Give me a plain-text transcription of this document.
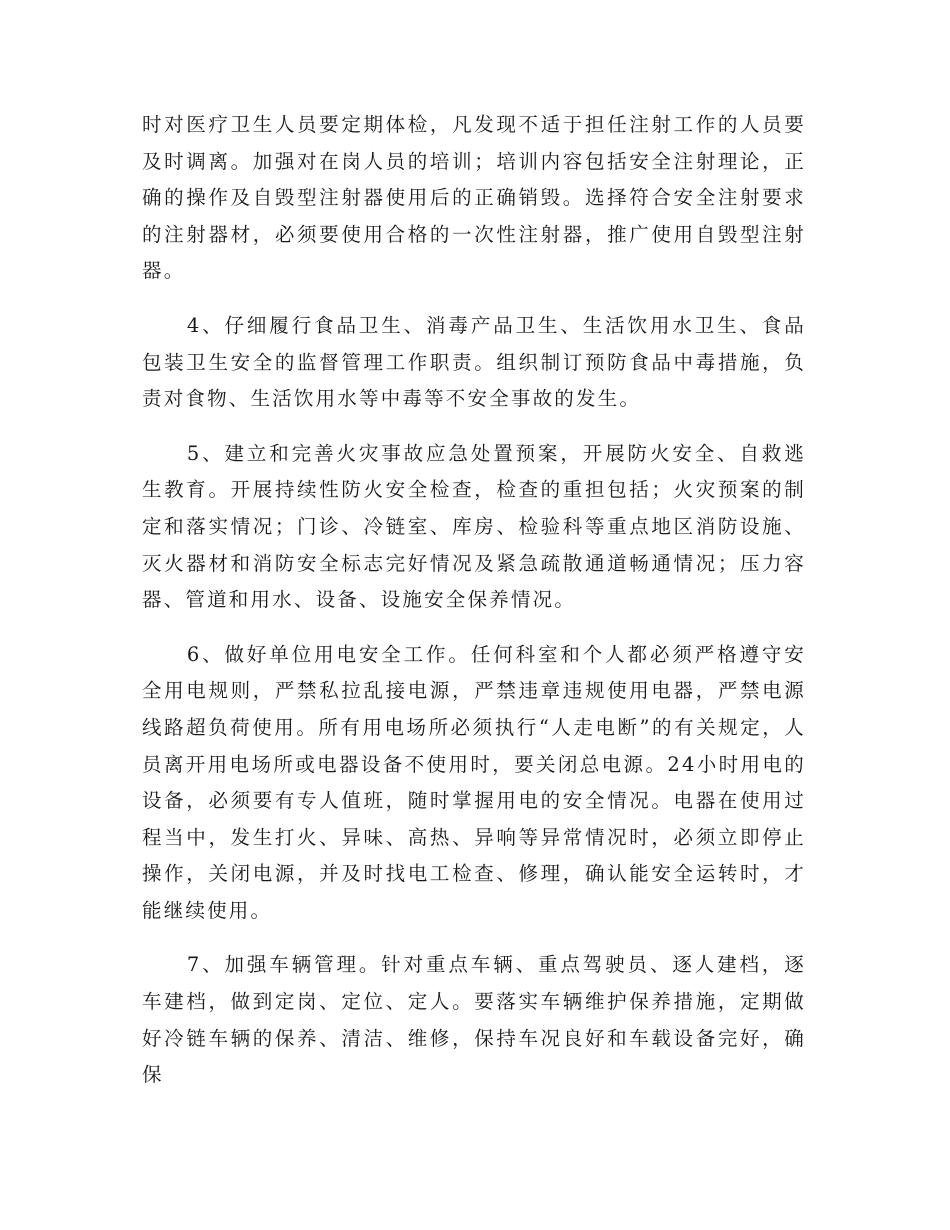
时对医疗卫生人员要定期体检，凡发现不适于担任注射工作的人员要及时调离。加强对在岗人员的培训；培训内容包括安全注射理论，正确的操作及自毁型注射器使用后的正确销毁。选择符合安全注射要求的注射器材，必须要使用合格的一次性注射器，推广使用自毁型注射器。

4、仔细履行食品卫生、消毒产品卫生、生活饮用水卫生、食品包装卫生安全的监督管理工作职责。组织制订预防食品中毒措施，负责对食物、生活饮用水等中毒等不安全事故的发生。

5、建立和完善火灾事故应急处置预案，开展防火安全、自救逃生教育。开展持续性防火安全检查，检查的重担包括；火灾预案的制定和落实情况；门诊、冷链室、库房、检验科等重点地区消防设施、灭火器材和消防安全标志完好情况及紧急疏散通道畅通情况；压力容器、管道和用水、设备、设施安全保养情况。

6、做好单位用电安全工作。任何科室和个人都必须严格遵守安全用电规则，严禁私拉乱接电源，严禁违章违规使用电器，严禁电源线路超负荷使用。所有用电场所必须执行“人走电断”的有关规定，人员离开用电场所或电器设备不使用时，要关闭总电源。24小时用电的设备，必须要有专人值班，随时掌握用电的安全情况。电器在使用过程当中，发生打火、异味、高热、异响等异常情况时，必须立即停止操作，关闭电源，并及时找电工检查、修理，确认能安全运转时，才能继续使用。

7、加强车辆管理。针对重点车辆、重点驾驶员、逐人建档，逐车建档，做到定岗、定位、定人。要落实车辆维护保养措施，定期做好冷链车辆的保养、清洁、维修，保持车况良好和车载设备完好，确保
